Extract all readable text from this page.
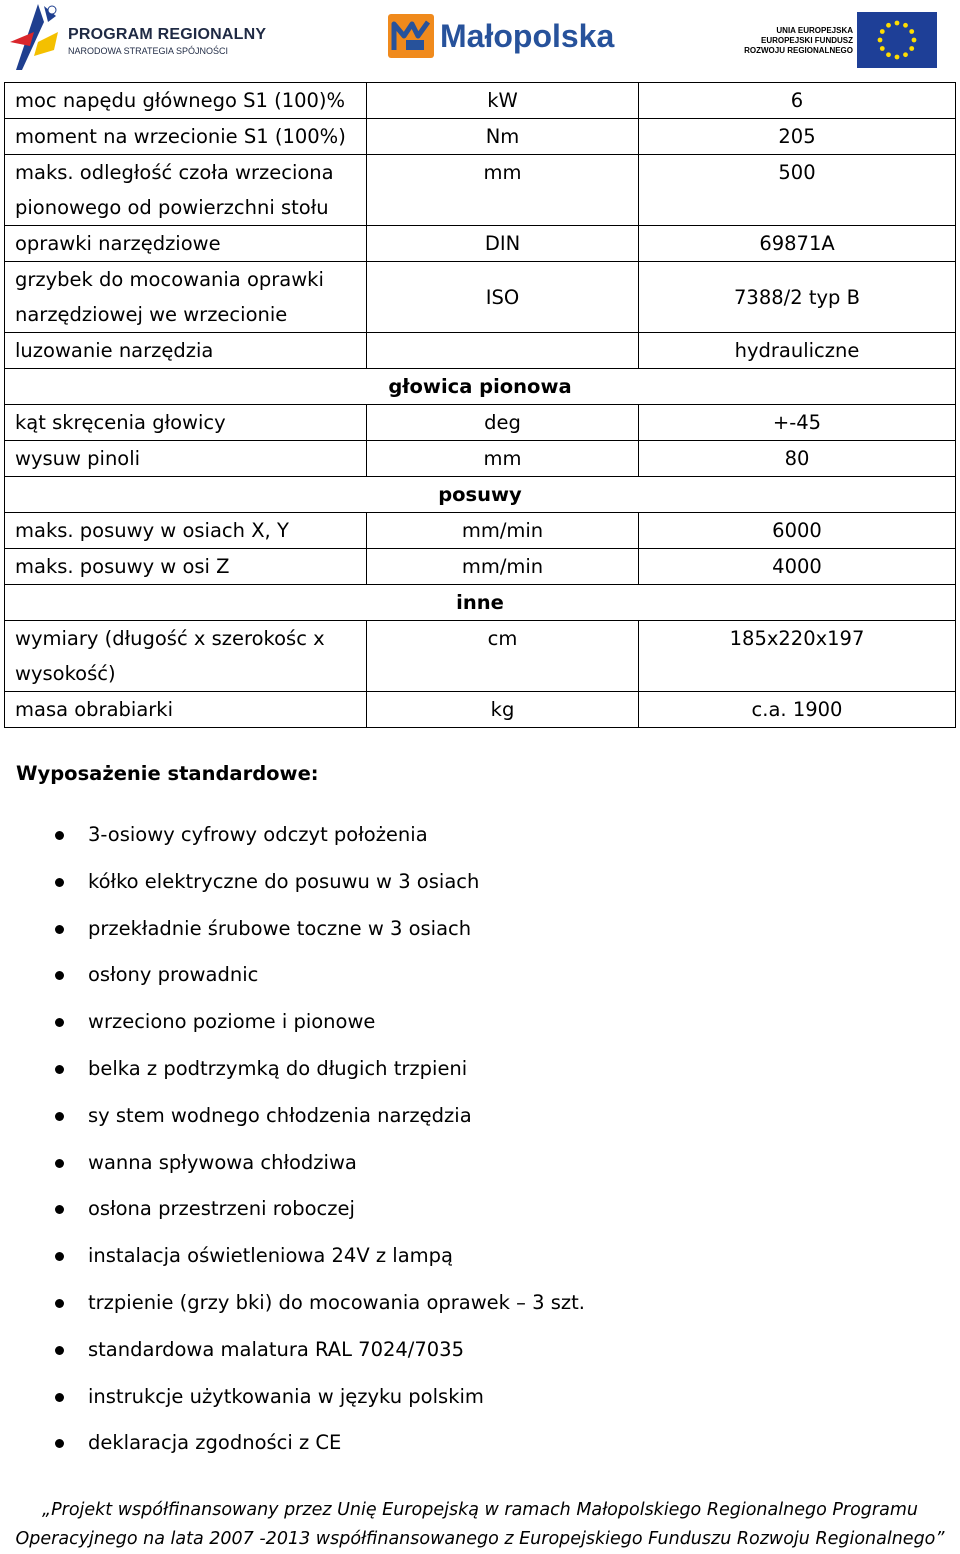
PROGRAM REGIONALNY
NARODOWA STRATEGIA SPÓJNOŚCI	Małopolska	UNIA EUROPEJSKA
EUROPEJSKI FUNDUSZ
ROZWOJU REGIONALNEGO
moc napędu głównego S1 (100)%	kW	6
moment na wrzecionie S1 (100%)	Nm	205

maks. odległość czoła wrzeciona
pionowego od powierzchni stołu	mm	500
oprawki narzędziowe	DIN	69871A

grzybek do mocowania oprawki
narzędziowej we wrzecionie	ISO	7388/2 typ B
luzowanie narzędzia		hydrauliczne
głowica pionowa		
kąt skręcenia głowicy	deg	+-45
wysuw pinoli	mm	80
posuwy		
maks. posuwy w osiach X, Y	mm/min	6000
maks. posuwy w osi Z	mm/min	4000
inne		

wymiary (długość x szerokośc x
wysokość)	cm	185x220x197
masa obrabiarki	kg	c.a. 1900
Wyposażenie standardowe:
3-osiowy cyfrowy odczyt położenia
kółko elektryczne do posuwu w 3 osiach
przekładnie śrubowe toczne w 3 osiach
osłony prowadnic
wrzeciono poziome i pionowe
belka z podtrzymką do długich trzpieni
sy stem wodnego chłodzenia narzędzia
wanna spływowa chłodziwa
osłona przestrzeni roboczej
instalacja oświetleniowa 24V z lampą
trzpienie (grzy bki) do mocowania oprawek – 3 szt.
standardowa malatura RAL 7024/7035
instrukcje użytkowania w języku polskim
deklaracja zgodności z CE
„Projekt współfinansowany przez Unię Europejską w ramach Małopolskiego Regionalnego Programu
Operacyjnego na lata 2007 -2013 współfinansowanego z Europejskiego Funduszu Rozwoju Regionalnego”
